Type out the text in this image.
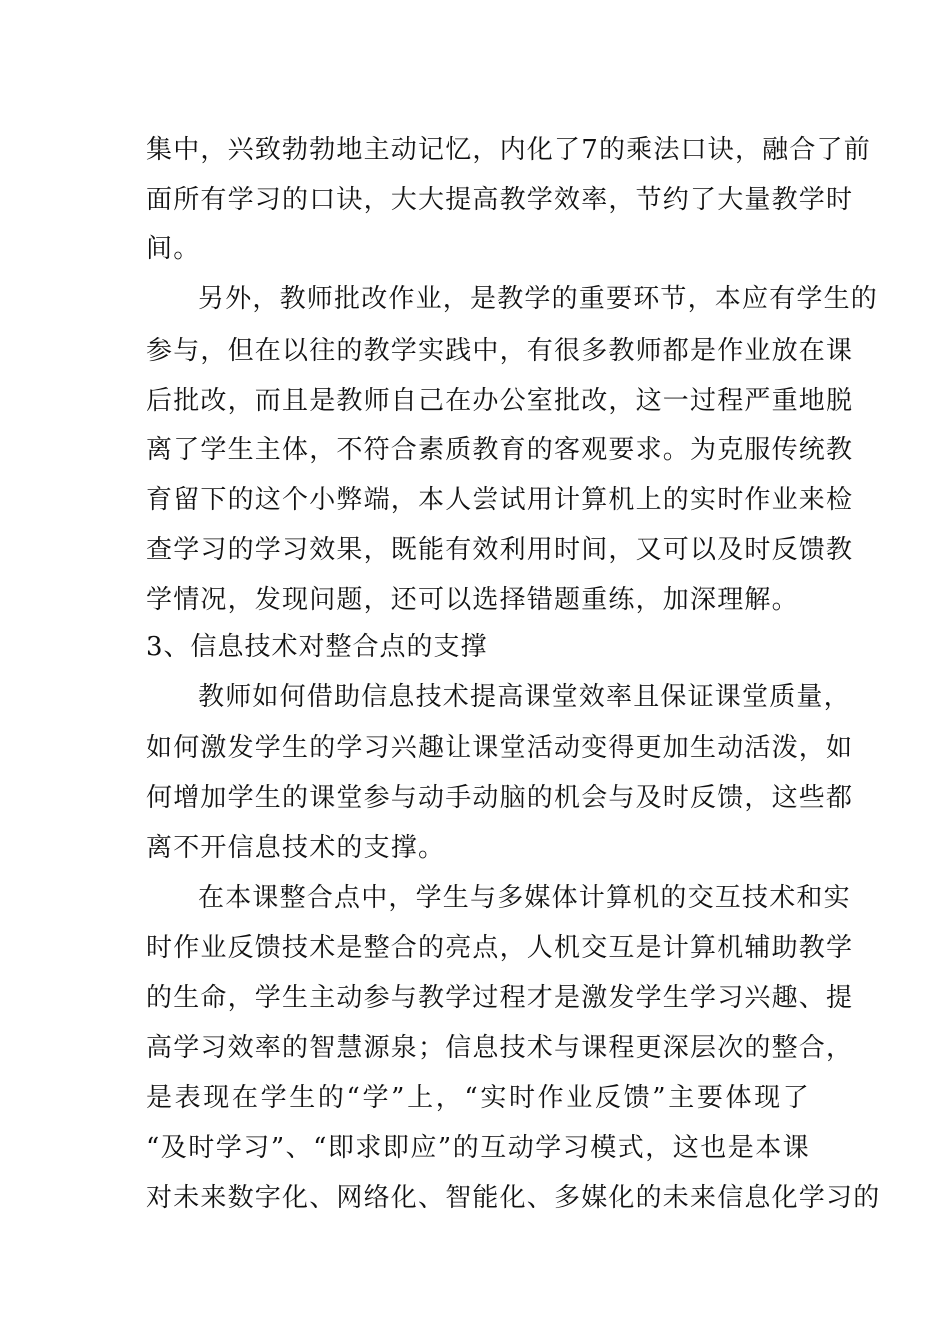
集中，兴致勃勃地主动记忆，内化了7的乘法口诀，融合了前
面所有学习的口诀，大大提高教学效率，节约了大量教学时
间。
另外，教师批改作业，是教学的重要环节，本应有学生的
参与，但在以往的教学实践中，有很多教师都是作业放在课
后批改，而且是教师自己在办公室批改，这一过程严重地脱
离了学生主体，不符合素质教育的客观要求。为克服传统教
育留下的这个小弊端，本人尝试用计算机上的实时作业来检
查学习的学习效果，既能有效利用时间，又可以及时反馈教
学情况，发现问题，还可以选择错题重练，加深理解。
3、信息技术对整合点的支撑
教师如何借助信息技术提高课堂效率且保证课堂质量，
如何激发学生的学习兴趣让课堂活动变得更加生动活泼，如
何增加学生的课堂参与动手动脑的机会与及时反馈，这些都
离不开信息技术的支撑。
在本课整合点中，学生与多媒体计算机的交互技术和实
时作业反馈技术是整合的亮点，人机交互是计算机辅助教学
的生命，学生主动参与教学过程才是激发学生学习兴趣、提
高学习效率的智慧源泉；信息技术与课程更深层次的整合，
是表现在学生的“学”上，“实时作业反馈”主要体现了
“及时学习”、“即求即应”的互动学习模式，这也是本课
对未来数字化、网络化、智能化、多媒化的未来信息化学习的
